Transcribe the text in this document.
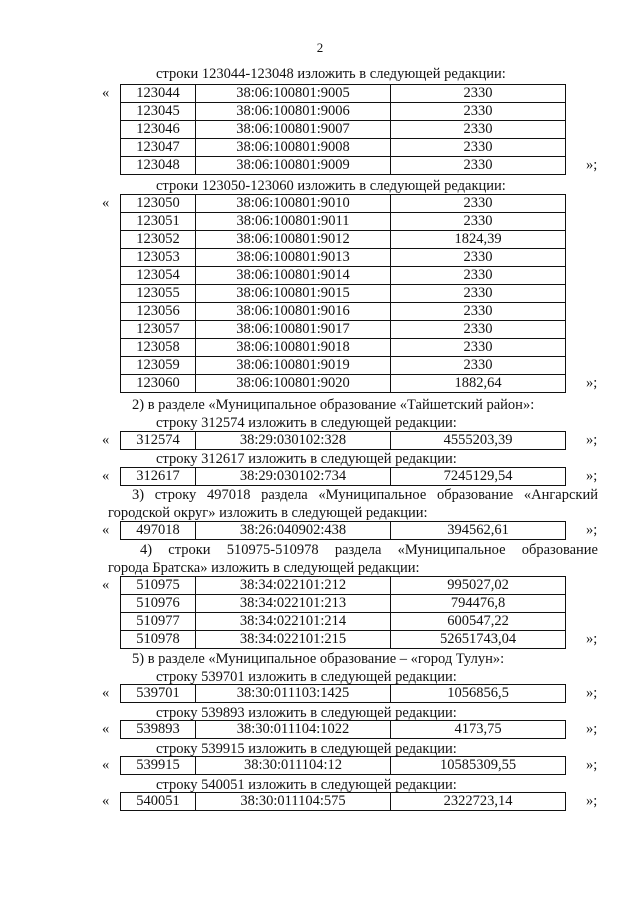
2
строки 123044-123048 изложить в следующей редакции:
« 123044	38:06:100801:9005	2330
123045	38:06:100801:9006	2330
123046	38:06:100801:9007	2330
123047	38:06:100801:9008	2330
123048	38:06:100801:9009	2330	»;
строки 123050-123060 изложить в следующей редакции:
« 123050	38:06:100801:9010	2330
123051	38:06:100801:9011	2330
123052	38:06:100801:9012	1824,39
123053	38:06:100801:9013	2330
123054	38:06:100801:9014	2330
123055	38:06:100801:9015	2330
123056	38:06:100801:9016	2330
123057	38:06:100801:9017	2330
123058	38:06:100801:9018	2330
123059	38:06:100801:9019	2330
123060	38:06:100801:9020	1882,64	»;
2) в разделе «Муниципальное образование «Тайшетский район»:
строку 312574 изложить в следующей редакции:
« 312574	38:29:030102:328	4555203,39	»;
строку 312617 изложить в следующей редакции:
« 312617	38:29:030102:734	7245129,54	»;
3) строку 497018 раздела «Муниципальное образование «Ангарский
городской округ» изложить в следующей редакции:
« 497018	38:26:040902:438	394562,61	»;
4) строки 510975-510978 раздела «Муниципальное образование
города Братска» изложить в следующей редакции:
« 510975	38:34:022101:212	995027,02
510976	38:34:022101:213	794476,8
510977	38:34:022101:214	600547,22
510978	38:34:022101:215	52651743,04	»;
5) в разделе «Муниципальное образование – «город Тулун»:
строку 539701 изложить в следующей редакции:
« 539701	38:30:011103:1425	1056856,5	»;
строку 539893 изложить в следующей редакции:
« 539893	38:30:011104:1022	4173,75	»;
строку 539915 изложить в следующей редакции:
« 539915	38:30:011104:12	10585309,55	»;
строку 540051 изложить в следующей редакции:
« 540051	38:30:011104:575	2322723,14	»;
